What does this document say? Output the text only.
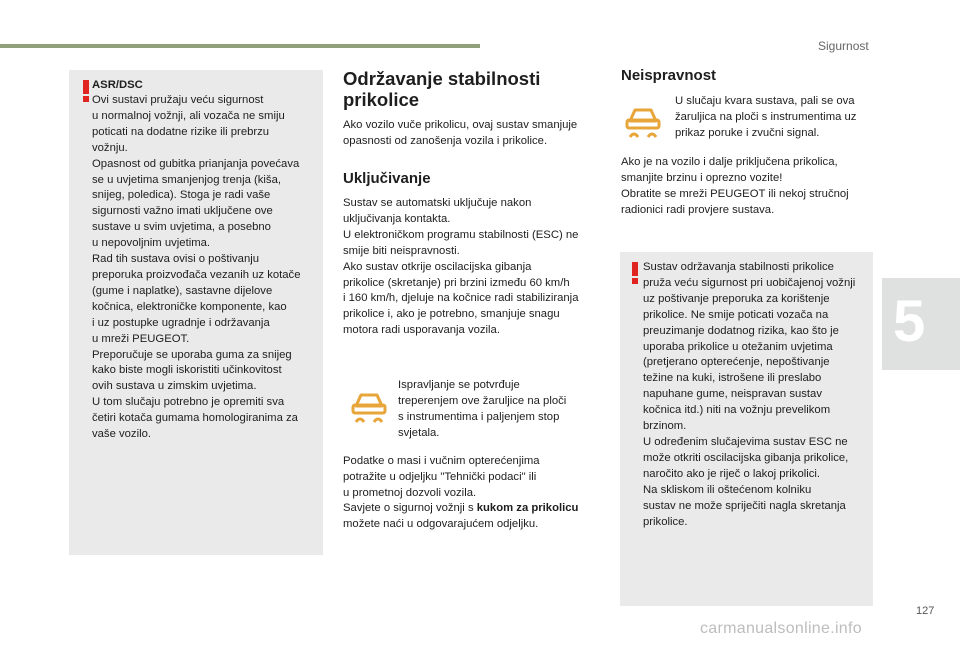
Sigurnost
5
ASR/DSC
Ovi sustavi pružaju veću sigurnost
u normalnoj vožnji, ali vozača ne smiju
poticati na dodatne rizike ili prebrzu
vožnju.
Opasnost od gubitka prianjanja povećava
se u uvjetima smanjenjog trenja (kiša,
snijeg, poledica). Stoga je radi vaše
sigurnosti važno imati uključene ove
sustave u svim uvjetima, a posebno
u nepovoljnim uvjetima.
Rad tih sustava ovisi o poštivanju
preporuka proizvođača vezanih uz kotače
(gume i naplatke), sastavne dijelove
kočnica, elektroničke komponente, kao
i uz postupke ugradnje i održavanja
u mreži PEUGEOT.
Preporučuje se uporaba guma za snijeg
kako biste mogli iskoristiti učinkovitost
ovih sustava u zimskim uvjetima.
U tom slučaju potrebno je opremiti sva
četiri kotača gumama homologiranima za
vaše vozilo.
Održavanje stabilnosti
prikolice
Ako vozilo vuče prikolicu, ovaj sustav smanjuje
opasnosti od zanošenja vozila i prikolice.
Uključivanje
Sustav se automatski uključuje nakon
uključivanja kontakta.
U elektroničkom programu stabilnosti (ESC) ne
smije biti neispravnosti.
Ako sustav otkrije oscilacijska gibanja
prikolice (skretanje) pri brzini između 60 km/h
i 160 km/h, djeluje na kočnice radi stabiliziranja
prikolice i, ako je potrebno, smanjuje snagu
motora radi usporavanja vozila.
Ispravljanje se potvrđuje
treperenjem ove žaruljice na ploči
s instrumentima i paljenjem stop
svjetala.
Podatke o masi i vučnim opterećenjima
potražite u odjeljku "Tehnički podaci" ili
u prometnoj dozvoli vozila.
Savjete o sigurnoj vožnji s kukom za prikolicu
možete naći u odgovarajućem odjeljku.
Neispravnost
U slučaju kvara sustava, pali se ova
žaruljica na ploči s instrumentima uz
prikaz poruke i zvučni signal.
Ako je na vozilo i dalje priključena prikolica,
smanjite brzinu i oprezno vozite!
Obratite se mreži PEUGEOT ili nekoj stručnoj
radionici radi provjere sustava.
Sustav održavanja stabilnosti prikolice
pruža veću sigurnost pri uobičajenoj vožnji
uz poštivanje preporuka za korištenje
prikolice. Ne smije poticati vozača na
preuzimanje dodatnog rizika, kao što je
uporaba prikolice u otežanim uvjetima
(pretjerano opterećenje, nepoštivanje
težine na kuki, istrošene ili preslabo
napuhane gume, neispravan sustav
kočnica itd.) niti na vožnju prevelikom
brzinom.
U određenim slučajevima sustav ESC ne
može otkriti oscilacijska gibanja prikolice,
naročito ako je riječ o lakoj prikolici.
Na skliskom ili oštećenom kolniku
sustav ne može spriječiti nagla skretanja
prikolice.
127
carmanualsonline.info
